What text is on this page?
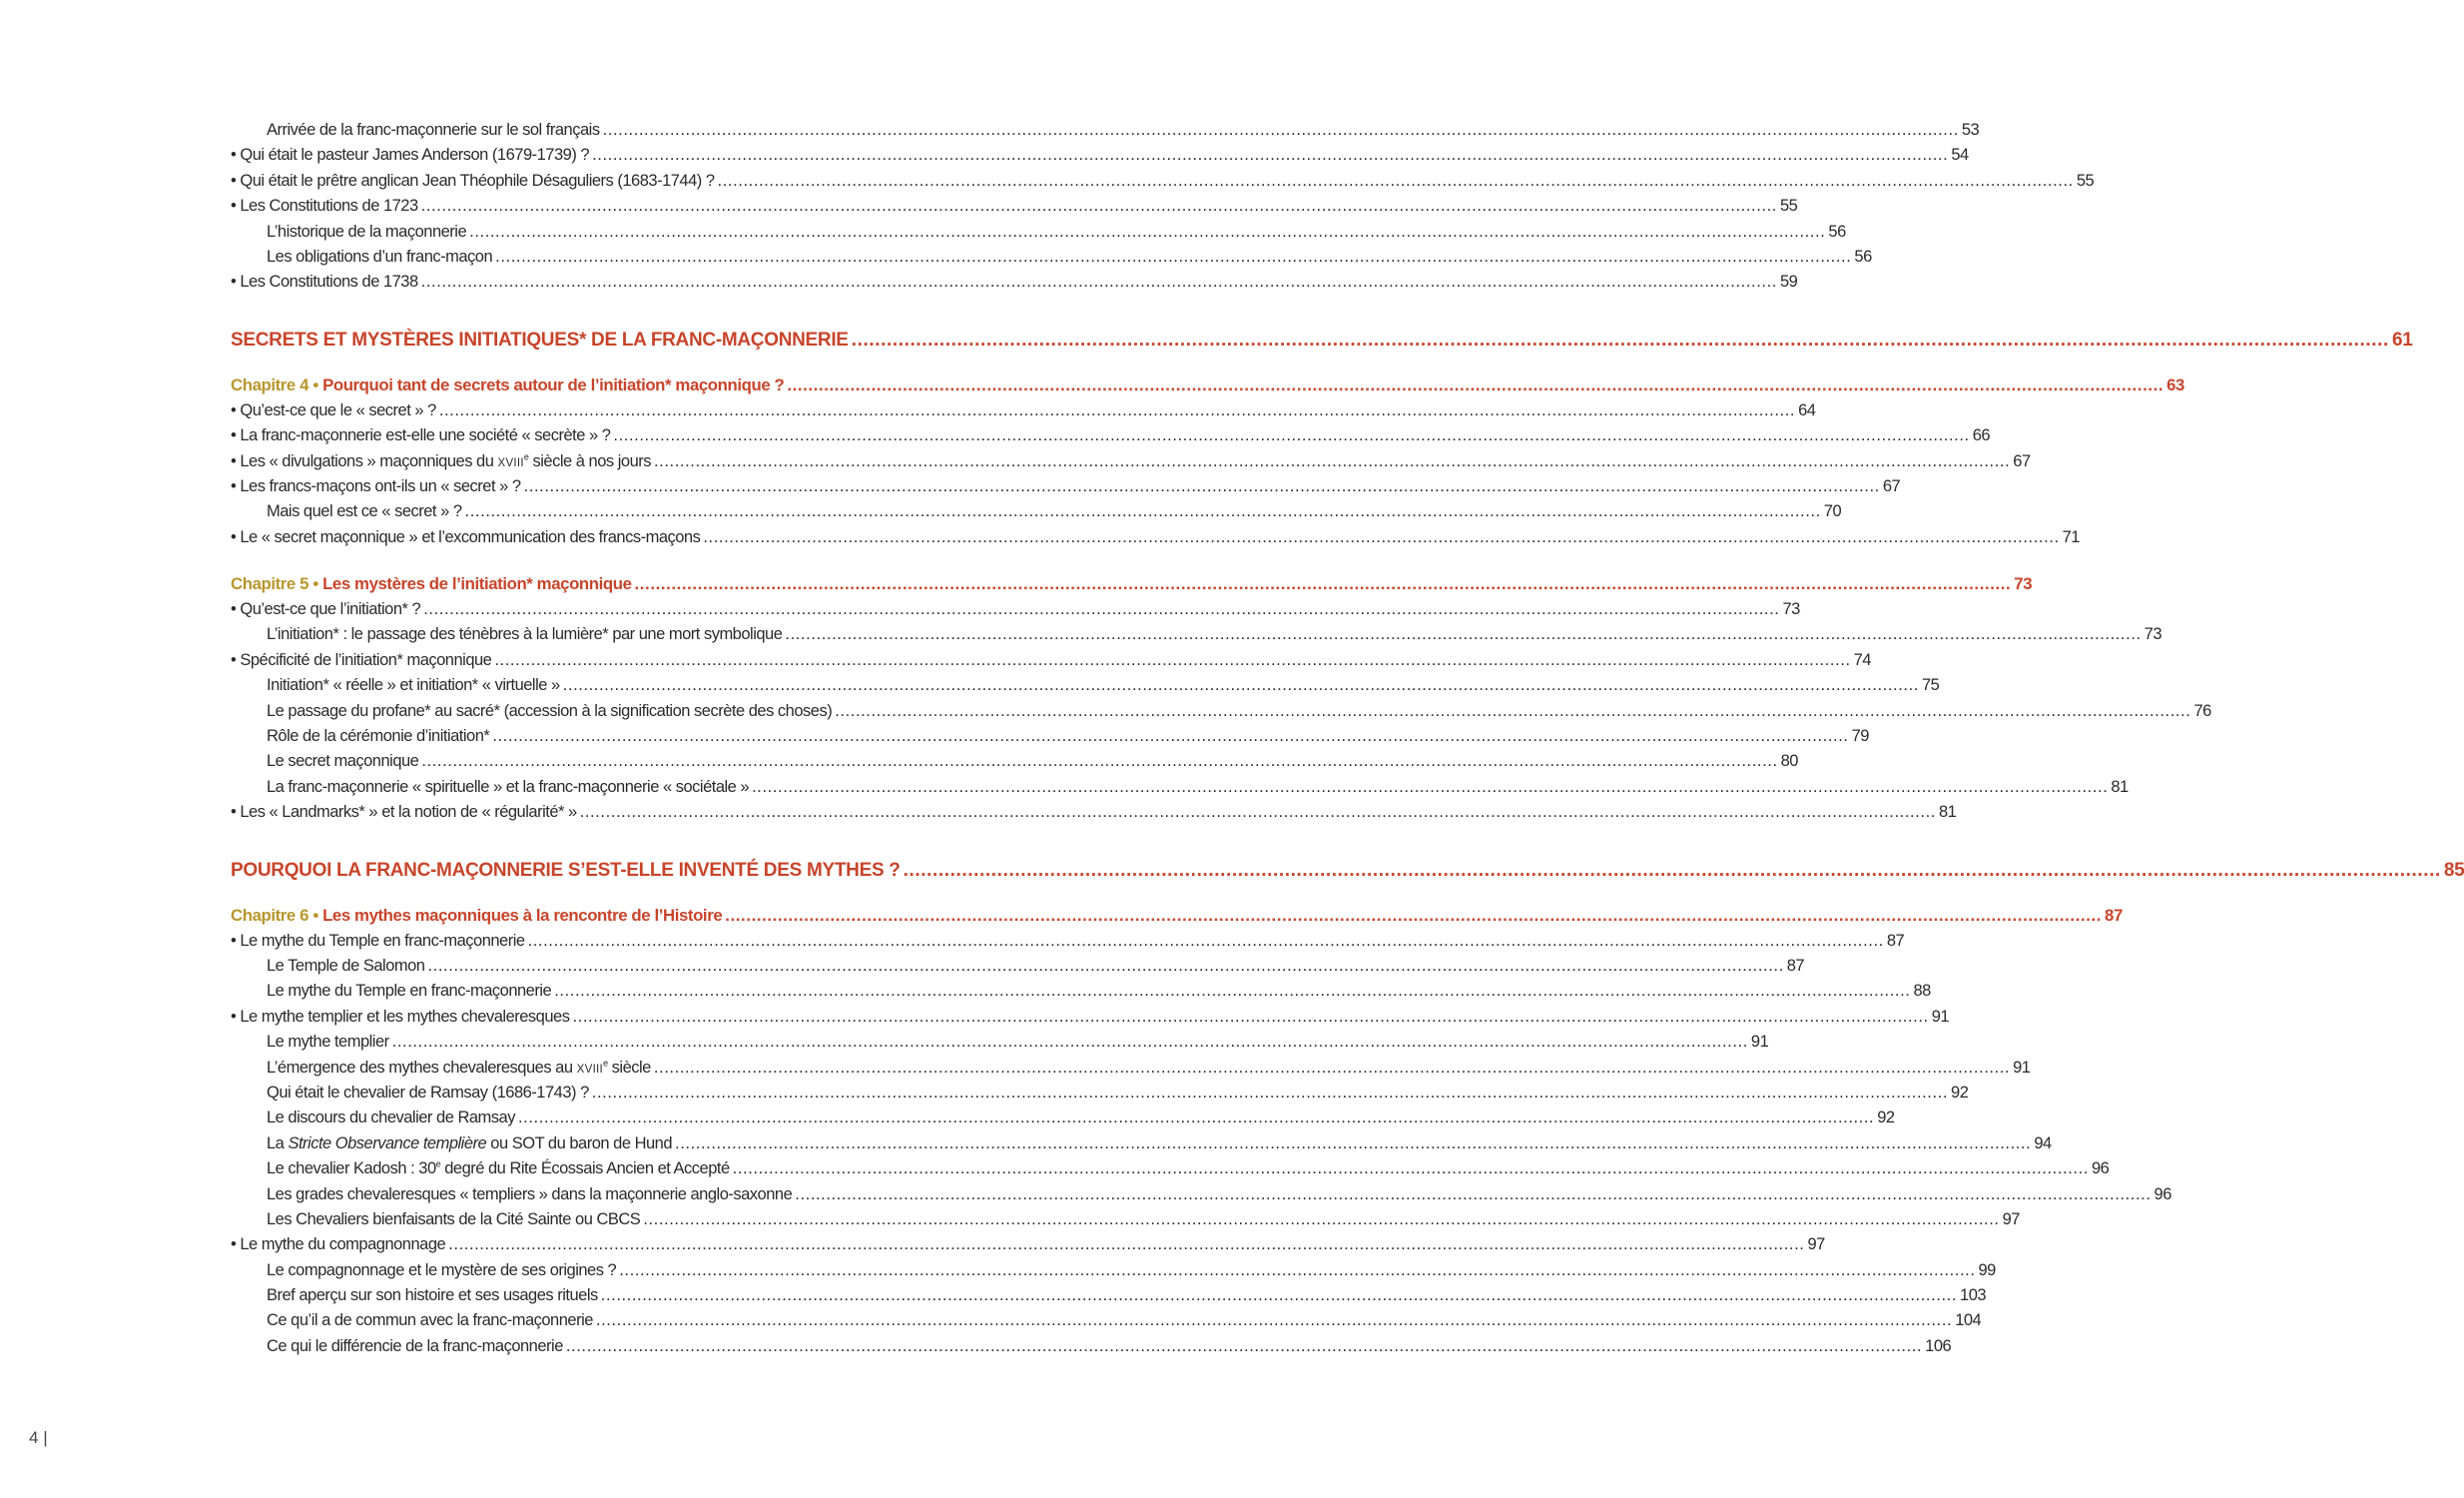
Arrivée de la franc-maçonnerie sur le sol français .....	53
• Qui était le pasteur James Anderson (1679-1739) ? .....	54
• Qui était le prêtre anglican Jean Théophile Désaguliers (1683-1744) ? .....	55
• Les Constitutions de 1723 .....	55
L’historique de la maçonnerie .....	56
Les obligations d’un franc-maçon .....	56
• Les Constitutions de 1738 .....	59
SECRETS ET MYSTÈRES INITIATIQUES* DE LA FRANC-MAÇONNERIE .....	61
Chapitre 4 • Pourquoi tant de secrets autour de l’initiation* maçonnique ? .....	63
• Qu’est-ce que le « secret » ? .....	64
• La franc-maçonnerie est-elle une société « secrète » ? .....	66
• Les « divulgations » maçonniques du XVIIIe siècle à nos jours .....	67
• Les francs-maçons ont-ils un « secret » ? .....	67
Mais quel est ce « secret » ? .....	70
• Le « secret maçonnique » et l’excommunication des francs-maçons .....	71
Chapitre 5 • Les mystères de l’initiation* maçonnique .....	73
• Qu’est-ce que l’initiation* ? .....	73
L’initiation* : le passage des ténèbres à la lumière* par une mort symbolique .....	73
• Spécificité de l’initiation* maçonnique .....	74
Initiation* « réelle » et initiation* « virtuelle » .....	75
Le passage du profane* au sacré* (accession à la signification secrète des choses) .....	76
Rôle de la cérémonie d’initiation* .....	79
Le secret maçonnique .....	80
La franc-maçonnerie « spirituelle » et la franc-maçonnerie « sociétale » .....	81
• Les « Landmarks* » et la notion de « régularité* » .....	81
POURQUOI LA FRANC-MAÇONNERIE S’EST-ELLE INVENTÉ DES MYTHES ? .....	85
Chapitre 6 • Les mythes maçonniques à la rencontre de l’Histoire .....	87
• Le mythe du Temple en franc-maçonnerie .....	87
Le Temple de Salomon .....	87
Le mythe du Temple en franc-maçonnerie .....	88
• Le mythe templier et les mythes chevaleresques .....	91
Le mythe templier .....	91
L’émergence des mythes chevaleresques au XVIIIe siècle .....	91
Qui était le chevalier de Ramsay (1686-1743) ? .....	92
Le discours du chevalier de Ramsay .....	92
La Stricte Observance templière ou SOT du baron de Hund .....	94
Le chevalier Kadosh : 30e degré du Rite Écossais Ancien et Accepté .....	96
Les grades chevaleresques « templiers » dans la maçonnerie anglo-saxonne .....	96
Les Chevaliers bienfaisants de la Cité Sainte ou CBCS .....	97
• Le mythe du compagnonnage .....	97
Le compagnonnage et le mystère de ses origines ? .....	99
Bref aperçu sur son histoire et ses usages rituels .....	103
Ce qu’il a de commun avec la franc-maçonnerie .....	104
Ce qui le différencie de la franc-maçonnerie .....	106
4 |
